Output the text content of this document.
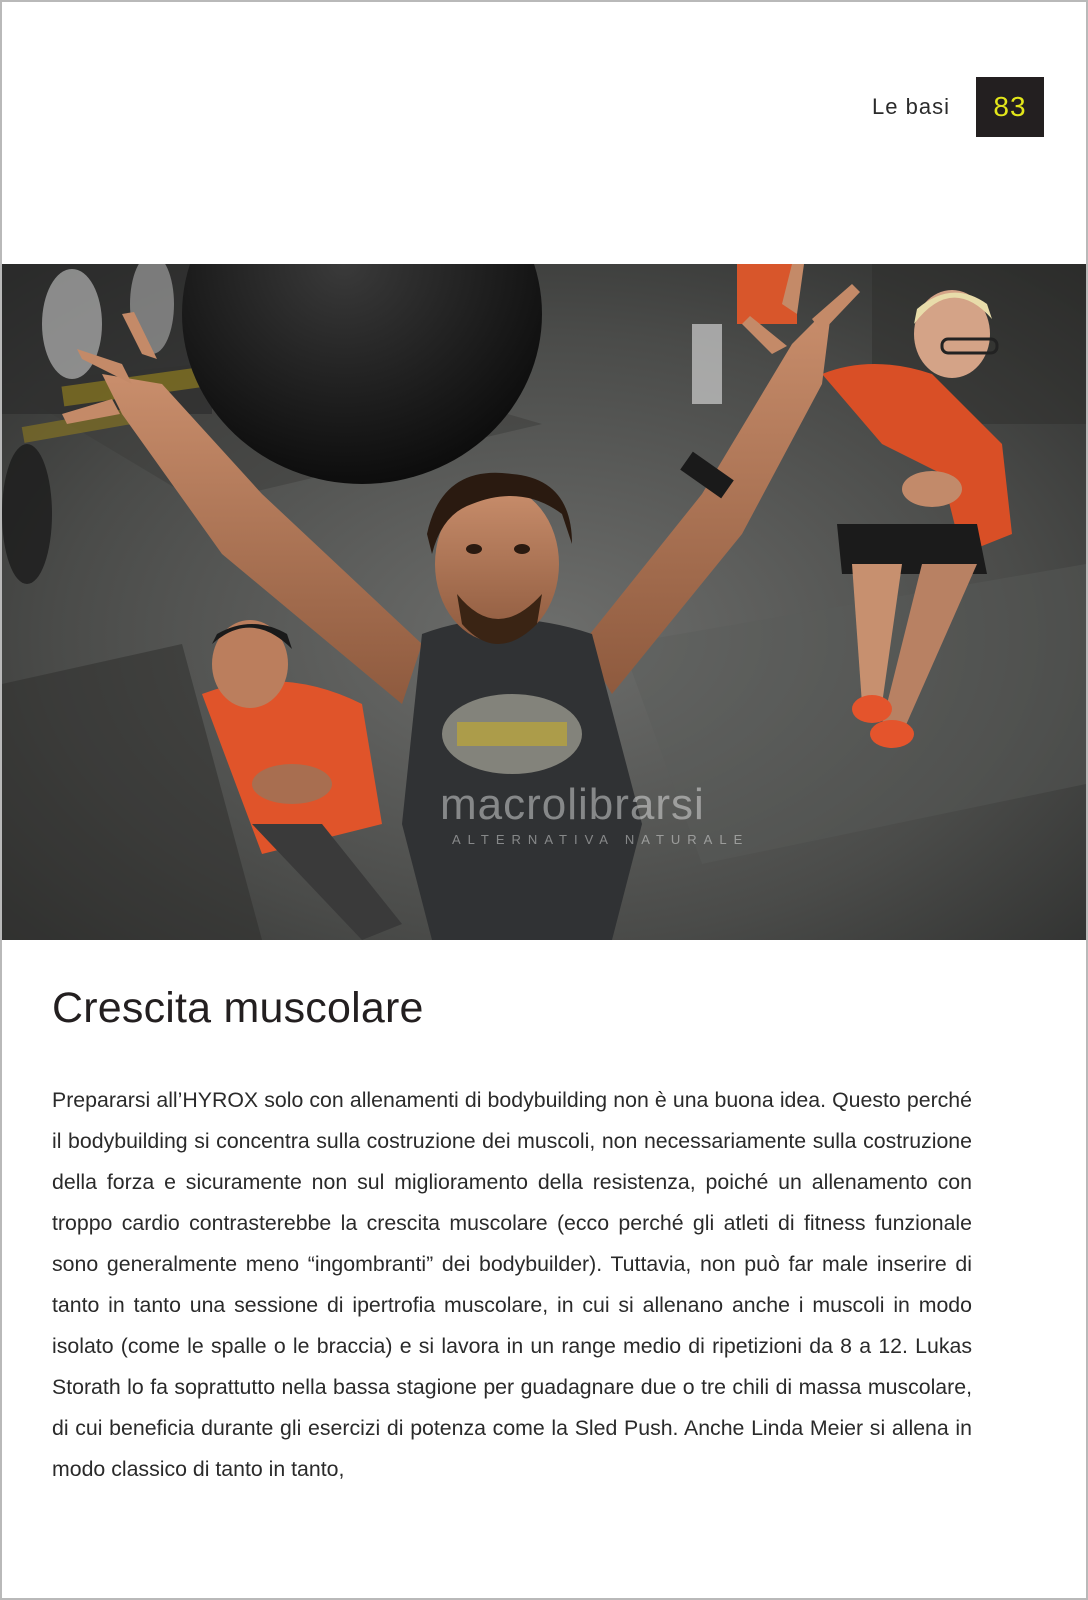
Le basi	83
macrolibrarsi
ALTERNATIVA NATURALE
Crescita muscolare

Prepararsi all’HYROX solo con allenamenti di bodybuilding non è una buona idea. Questo perché il bodybuilding si concentra sulla costruzione dei muscoli, non necessariamente sulla costruzione della forza e sicuramente non sul miglioramento della resistenza, poiché un allenamento con troppo cardio contrasterebbe la crescita muscolare (ecco perché gli atleti di fitness funzionale sono generalmente meno “ingombranti” dei bodybuilder). Tuttavia, non può far male inserire di tanto in tanto una sessione di ipertrofia muscolare, in cui si allenano anche i muscoli in modo isolato (come le spalle o le braccia) e si lavora in un range medio di ripetizioni da 8 a 12. Lukas Storath lo fa soprattutto nella bassa stagione per guadagnare due o tre chili di massa muscolare, di cui beneficia durante gli esercizi di potenza come la Sled Push. Anche Linda Meier si allena in modo classico di tanto in tanto,
